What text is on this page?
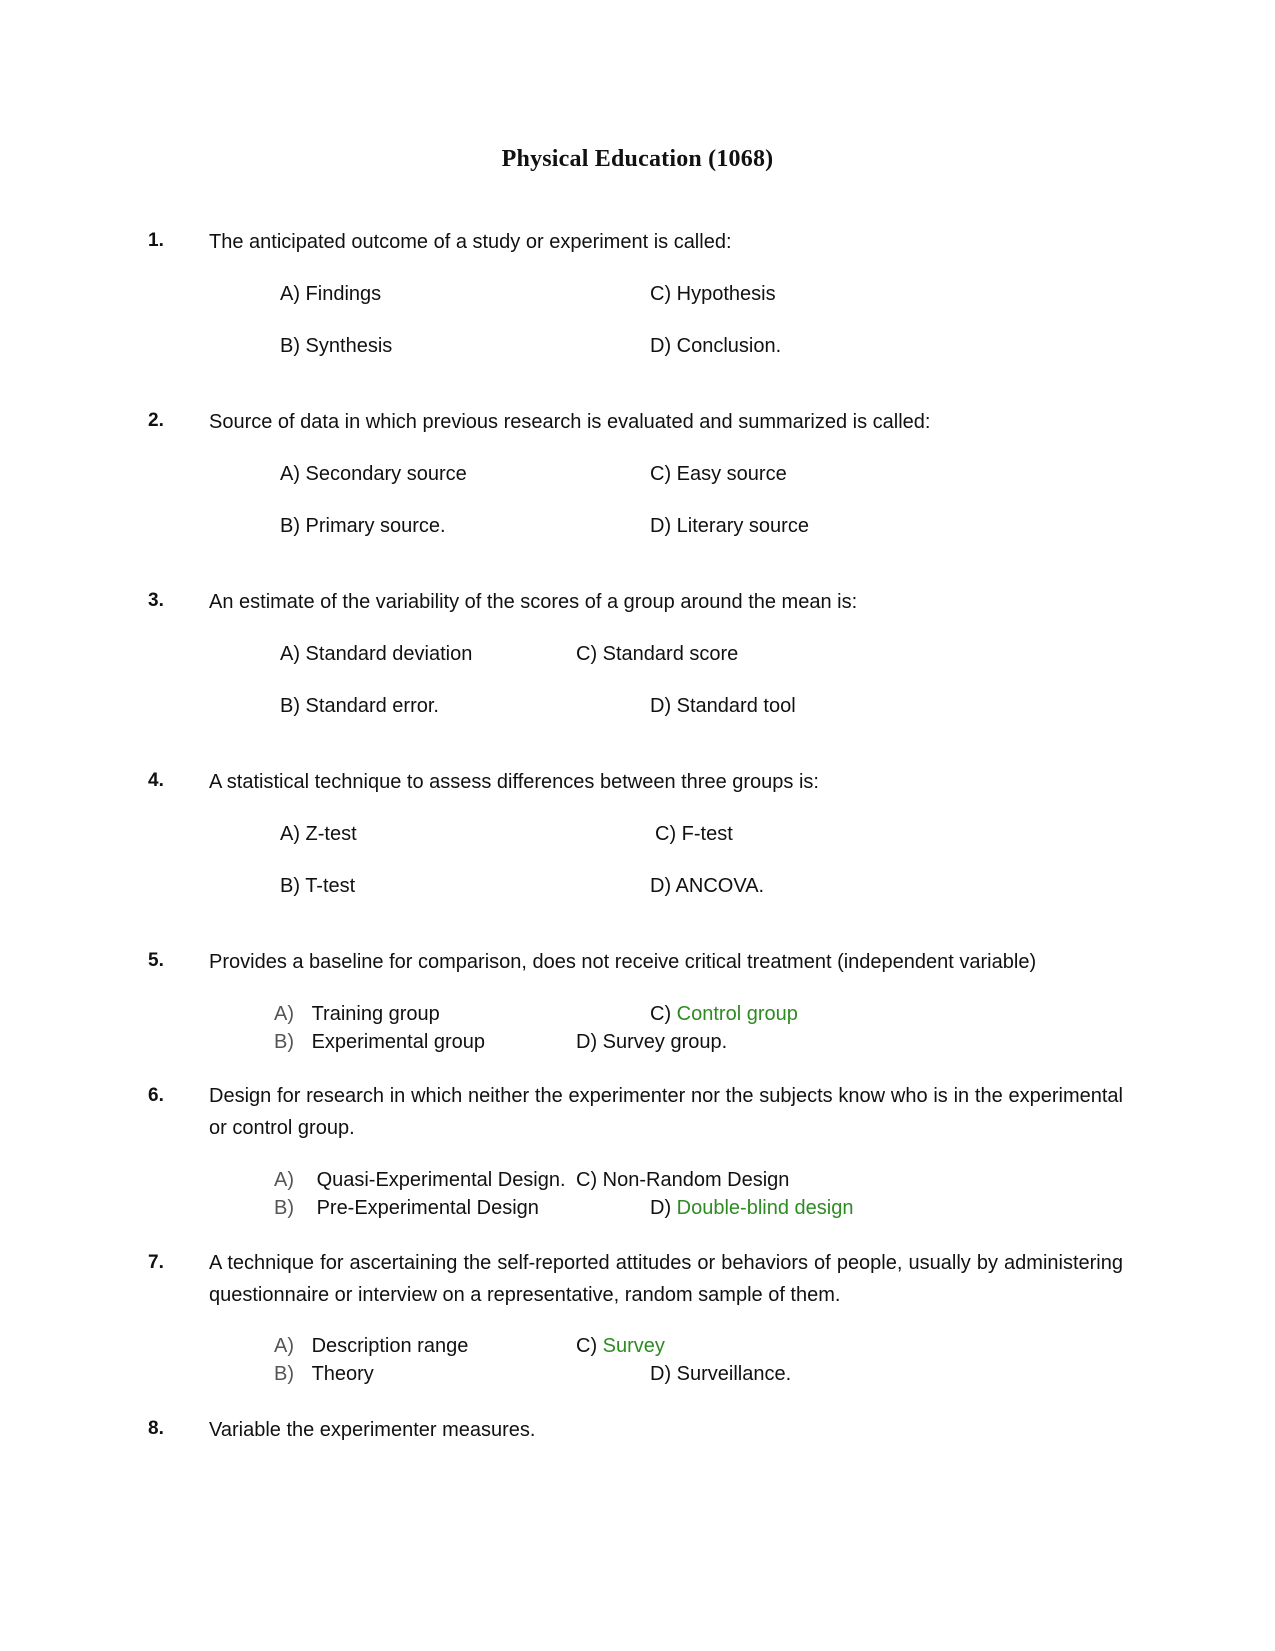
Physical Education (1068)
1. The anticipated outcome of a study or experiment is called:
A) Findings	C) Hypothesis
B) Synthesis	D) Conclusion.
2. Source of data in which previous research is evaluated and summarized is called:
A) Secondary source	C) Easy source
B) Primary source.	D) Literary source
3. An estimate of the variability of the scores of a group around the mean is:
A) Standard deviation	C) Standard score
B) Standard error.	D) Standard tool
4. A statistical technique to assess differences between three groups is:
A) Z-test	C) F-test
B) T-test	D) ANCOVA.
5. Provides a baseline for comparison, does not receive critical treatment (independent variable)
A) Training group	C) Control group
B) Experimental group	D) Survey group.
6. Design for research in which neither the experimenter nor the subjects know who is in the experimental or control group.
A) Quasi-Experimental Design. C) Non-Random Design
B) Pre-Experimental Design	D) Double-blind design
7. A technique for ascertaining the self-reported attitudes or behaviors of people, usually by administering questionnaire or interview on a representative, random sample of them.
A) Description range	C) Survey
B) Theory	D) Surveillance.
8. Variable the experimenter measures.
